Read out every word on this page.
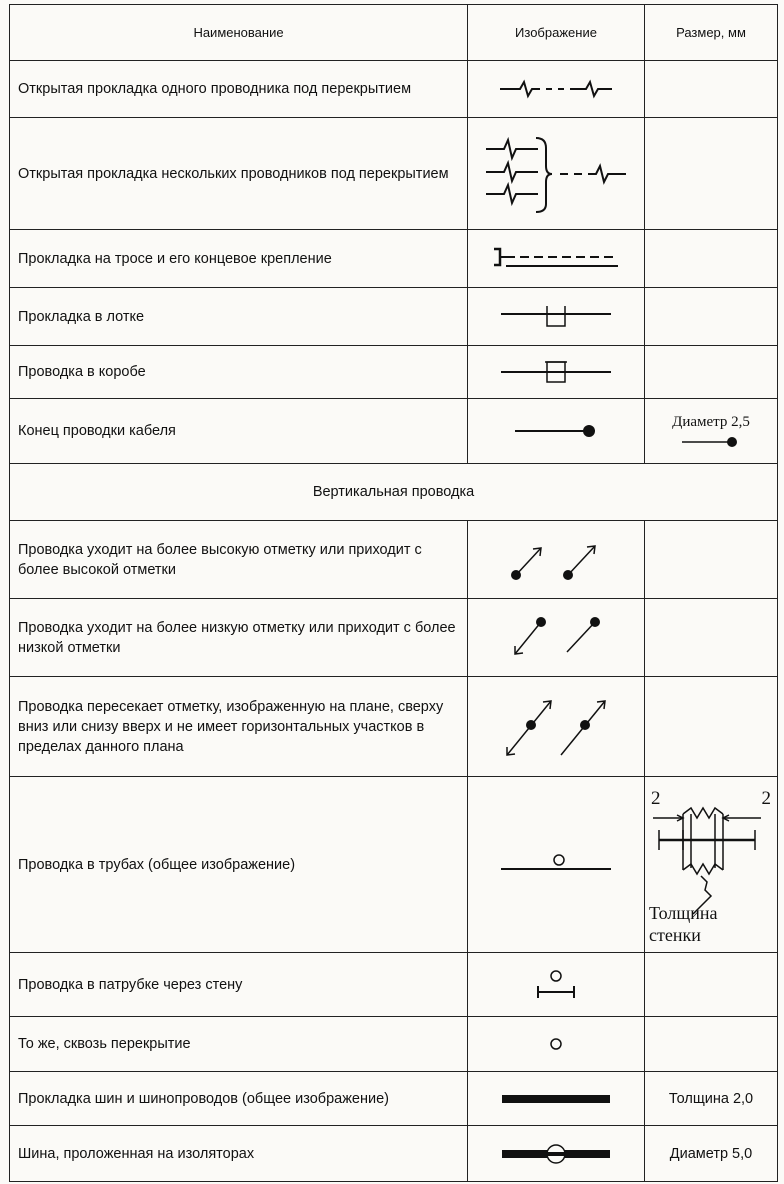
Наименование	Изображение	Размер, мм
Открытая прокладка одного проводника под перекрытием	

Открытая прокладка нескольких проводников под перекрытием	

Прокладка на тросе и его концевое крепление	

Прокладка в лотке	

Проводка в коробе	

Конец проводки кабеля		Диаметр 2,5

Вертикальная проводка		
Проводка уходит на более высокую отметку или приходит с более высокой отметки	

Проводка уходит на более низкую отметку или приходит с более низкой отметки	

Проводка пересекает отметку, изображенную на плане, сверху вниз или снизу вверх и не имеет горизонтальных участков в пределах данного плана	

Проводка в трубах (общее изображение)		2 2
Толщина стенки

Проводка в патрубке через стену	

То же, сквозь перекрытие	

Прокладка шин и шинопроводов (общее изображение)		Толщина 2,0
Шина, проложенная на изоляторах		Диаметр 5,0
